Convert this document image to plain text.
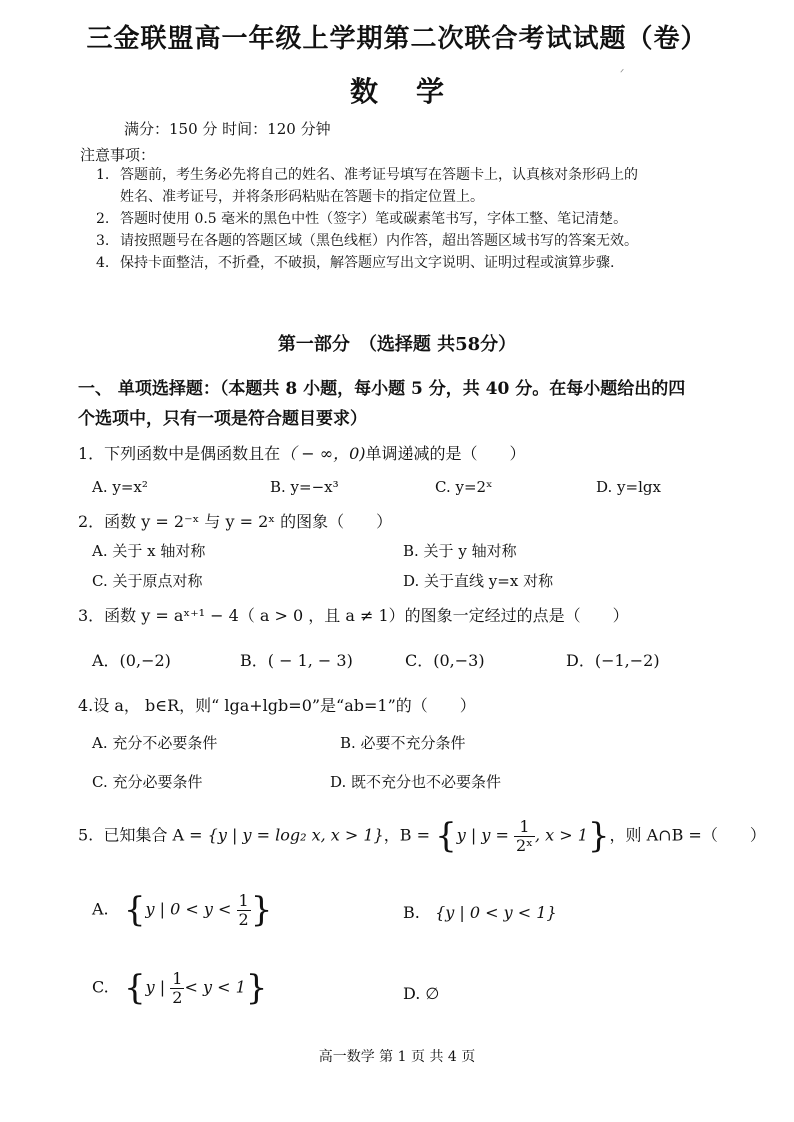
三金联盟高一年级上学期第二次联合考试试题（卷）
数学
ᐟ
满分：150 分 时间：120 分钟
注意事项：
1. 答题前，考生务必先将自己的姓名、准考证号填写在答题卡上，认真核对条形码上的
姓名、准考证号，并将条形码粘贴在答题卡的指定位置上。
2. 答题时使用 0.5 毫米的黑色中性（签字）笔或碳素笔书写，字体工整、笔记清楚。
3. 请按照题号在各题的答题区域（黑色线框）内作答，超出答题区域书写的答案无效。
4. 保持卡面整洁，不折叠，不破损，解答题应写出文字说明、证明过程或演算步骤.
第一部分　（选择题 共58分）
一、 单项选择题：（本题共 8 小题，每小题 5 分，共 40 分。在每小题给出的四
个选项中，只有一项是符合题目要求）
1．下列函数中是偶函数且在（ − ∞，0)单调递减的是（　　）
A. y=x²	B. y=−x³	C. y=2ˣ	D. y=lgx
2．函数 y = 2⁻ˣ 与 y = 2ˣ 的图象（　　）
A. 关于 x 轴对称	B. 关于 y 轴对称
C. 关于原点对称	D. 关于直线 y=x 对称
3．函数 y = aˣ⁺¹ − 4（ a > 0 ，且 a ≠ 1）的图象一定经过的点是（　　）
A．(0,−2)	B．( − 1, − 3)	C．(0,−3)	D．(−1,−2)
4.设 a， b∈R，则“ lga+lgb=0”是“ab=1”的（　　）
A. 充分不必要条件	B. 必要不充分条件
C. 充分必要条件	D. 既不充分也不必要条件
5. 已知集合 A = {y | y = log₂ x, x > 1}，B = {y | $y = \frac{1}{\text{2ˣ}}$ , x > 1}，则 A∩B =（　　）
A. {y | $0 < y < \frac{1}{2}$ }	B. {y | 0 < y < 1}
C. {y | $\frac{1}{2} < y < 1$}	D. ∅
高一数学 第 1 页 共 4 页
